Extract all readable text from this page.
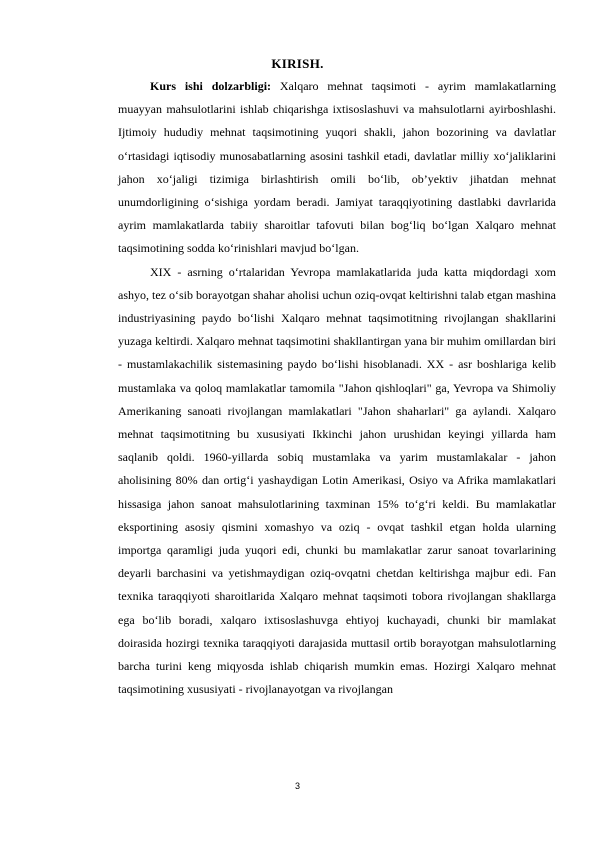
KIRISH.

Kurs ishi dolzarbligi: Xalqaro mehnat taqsimoti - ayrim mamlakatlarning muayyan mahsulotlarini ishlab chiqarishga ixtisoslashuvi va mahsulotlarni ayirboshlashi. Ijtimoiy hududiy mehnat taqsimotining yuqori shakli, jahon bozorining va davlatlar o‘rtasidagi iqtisodiy munosabatlarning asosini tashkil etadi, davlatlar milliy xo‘jaliklarini jahon xo‘jaligi tizimiga birlashtirish omili bo‘lib, ob’yektiv jihatdan mehnat unumdorligining o‘sishiga yordam beradi. Jamiyat taraqqiyotining dastlabki davrlarida ayrim mamlakatlarda tabiiy sharoitlar tafovuti bilan bog‘liq bo‘lgan Xalqaro mehnat taqsimotining sodda ko‘rinishlari mavjud bo‘lgan.

XIX - asrning o‘rtalaridan Yevropa mamlakatlarida juda katta miqdordagi xom ashyo, tez o‘sib borayotgan shahar aholisi uchun oziq-ovqat keltirishni talab etgan mashina industriyasining paydo bo‘lishi Xalqaro mehnat taqsimotitning rivojlangan shakllarini yuzaga keltirdi. Xalqaro mehnat taqsimotini shakllantirgan yana bir muhim omillardan biri - mustamlakachilik sistemasining paydo bo‘lishi hisoblanadi. XX - asr boshlariga kelib mustamlaka va qoloq mamlakatlar tamomila "Jahon qishloqlari" ga, Yevropa va Shimoliy Amerikaning sanoati rivojlangan mamlakatlari "Jahon shaharlari" ga aylandi. Xalqaro mehnat taqsimotitning bu xususiyati Ikkinchi jahon urushidan keyingi yillarda ham saqlanib qoldi. 1960-yillarda sobiq mustamlaka va yarim mustamlakalar - jahon aholisining 80% dan ortig‘i yashaydigan Lotin Amerikasi, Osiyo va Afrika mamlakatlari hissasiga jahon sanoat mahsulotlarining taxminan 15% to‘g‘ri keldi. Bu mamlakatlar eksportining asosiy qismini xomashyo va oziq - ovqat tashkil etgan holda ularning importga qaramligi juda yuqori edi, chunki bu mamlakatlar zarur sanoat tovarlarining deyarli barchasini va yetishmaydigan oziq-ovqatni chetdan keltirishga majbur edi. Fan texnika taraqqiyoti sharoitlarida Xalqaro mehnat taqsimoti tobora rivojlangan shakllarga ega bo‘lib boradi, xalqaro ixtisoslashuvga ehtiyoj kuchayadi, chunki bir mamlakat doirasida hozirgi texnika taraqqiyoti darajasida muttasil ortib borayotgan mahsulotlarning barcha turini keng miqyosda ishlab chiqarish mumkin emas. Hozirgi Xalqaro mehnat taqsimotining xususiyati - rivojlanayotgan va rivojlangan

3
